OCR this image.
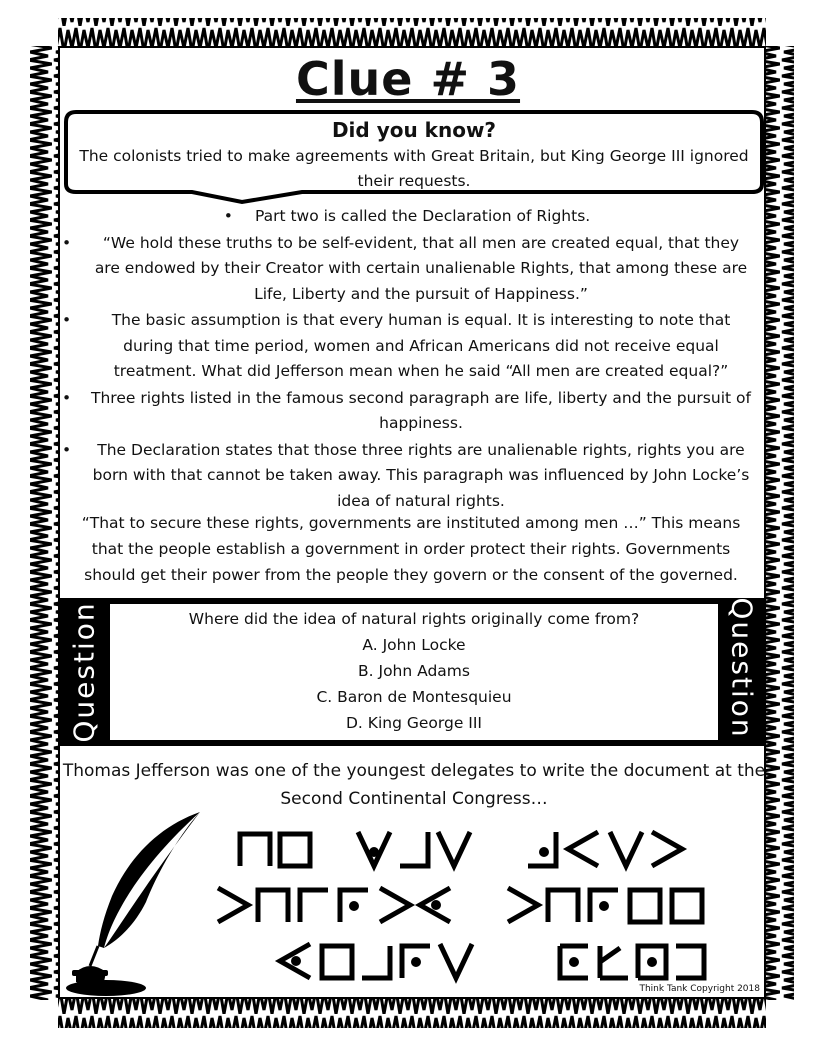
Clue # 3
Did you know?
The colonists tried to make agreements with Great Britain, but King George III ignored their requests.
• Part two is called the Declaration of Rights.
• “We hold these truths to be self-evident, that all men are created equal, that they are endowed by their Creator with certain unalienable Rights, that among these are Life, Liberty and the pursuit of Happiness.”
•	The basic assumption is that every human is equal. It is interesting to note that during that time period, women and African Americans did not receive equal treatment. What did Jefferson mean when he said “All men are created equal?”
• Three rights listed in the famous second paragraph are life, liberty and the pursuit of happiness.
• The Declaration states that those three rights are unalienable rights, rights you are born with that cannot be taken away. This paragraph was influenced by John Locke’s idea of natural rights.
“That to secure these rights, governments are instituted among men …” This means that the people establish a government in order protect their rights. Governments should get their power from the people they govern or the consent of the governed.
Question	Question
Where did the idea of natural rights originally come from?
A. John Locke
B. John Adams
C. Baron de Montesquieu
D. King George III
Thomas Jefferson was one of the youngest delegates to write the document at the Second Continental Congress…
Think Tank Copyright 2018
